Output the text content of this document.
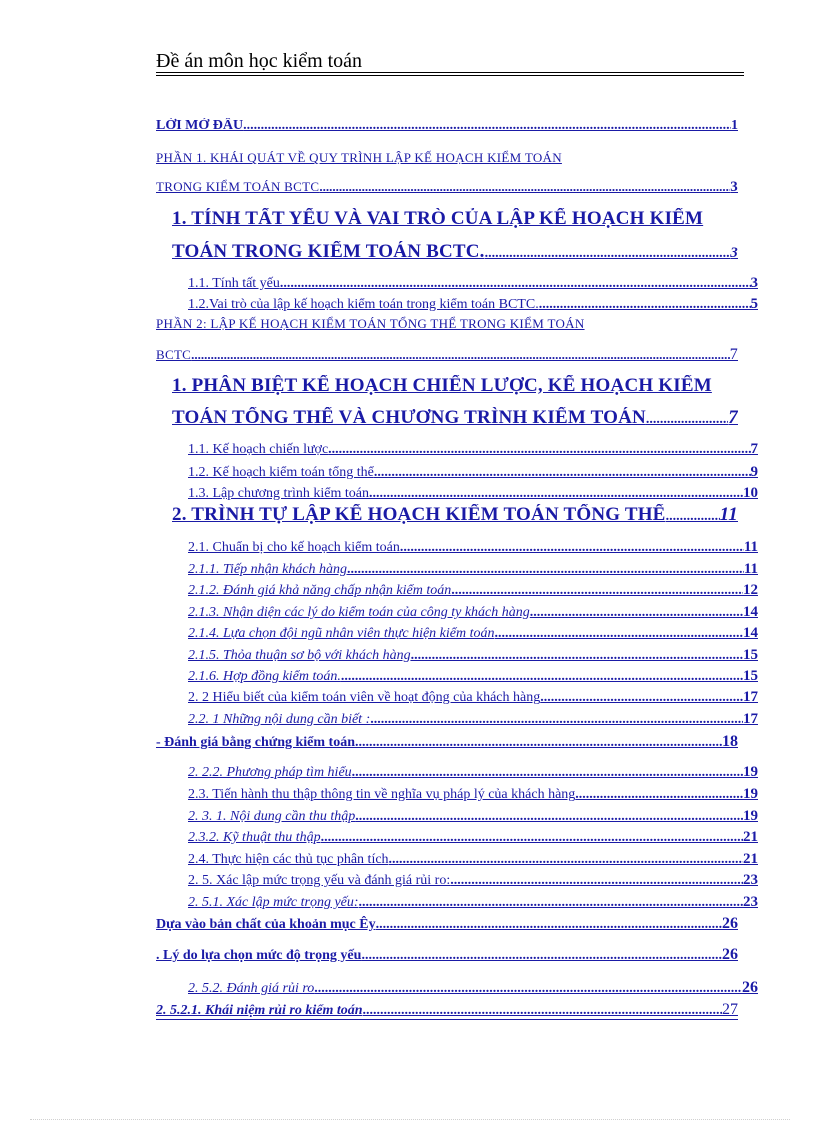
Đề án môn học kiểm toán
LỜI MỞ ĐẦU .....	1
PHẦN 1. KHÁI QUÁT VỀ QUY TRÌNH LẬP KẾ HOẠCH KIỂM TOÁN
TRONG KIỂM TOÁN BCTC .....	3
1. TÍNH TẤT YẾU VÀ VAI TRÒ CỦA LẬP KẾ HOẠCH KIỂM
TOÁN TRONG KIỂM TOÁN BCTC. .....	3
1.1. Tính tất yếu .....	3
1.2.Vai trò của lập kế hoạch kiểm toán trong kiểm toán BCTC. .....	5
PHẦN 2: LẬP KẾ HOẠCH KIỂM TOÁN TỔNG THỂ TRONG KIỂM TOÁN
BCTC .....	7
1. PHÂN BIỆT KẾ HOẠCH CHIẾN LƯỢC, KẾ HOẠCH KIỂM
TOÁN TỔNG THỂ VÀ CHƯƠNG TRÌNH KIỂM TOÁN .....	7
1.1. Kế hoạch chiến lược .....	7
1.2. Kế hoạch kiểm toán tổng thể .....	9
1.3. Lập chương trình kiểm toán .....	10
2. TRÌNH TỰ LẬP KẾ HOẠCH KIỂM TOÁN TỔNG THỂ .....	11
2.1. Chuẩn bị cho kế hoạch kiểm toán .....	11
2.1.1. Tiếp nhận khách hàng .....	11
2.1.2. Đánh giá khả năng chấp nhận kiểm toán .....	12
2.1.3. Nhận diện các lý do kiểm toán của công ty khách hàng .....	14
2.1.4. Lựa chọn đội ngũ nhân viên thực hiện kiểm toán .....	14
2.1.5. Thỏa thuận sơ bộ với khách hàng .....	15
2.1.6. Hợp đồng kiểm toán. .....	15
2. 2 Hiểu biết của kiểm toán viên về hoạt động của khách hàng .....	17
2.2. 1 Những nội dung cần biết : .....	17
- Đánh giá bằng chứng kiểm toán .....	18
2. 2.2. Phương pháp tìm hiểu .....	19
2.3. Tiến hành thu thập thông tin về nghĩa vụ pháp lý của khách hàng .....	19
2. 3. 1. Nội dung cần thu thập .....	19
2.3.2. Kỹ thuật thu thập .....	21
2.4. Thực hiện các thủ tục phân tích .....	21
2. 5. Xác lập mức trọng yếu và đánh giá rủi ro: .....	23
2. 5.1. Xác lập mức trọng yếu: .....	23
Dựa vào bản chất của khoản mục Êy .....	26
. Lý do lựa chọn mức độ trọng yếu .....	26
2. 5.2. Đánh giá rủi ro .....	26
2. 5.2.1. Khái niệm rủi ro kiểm toán .....	27
